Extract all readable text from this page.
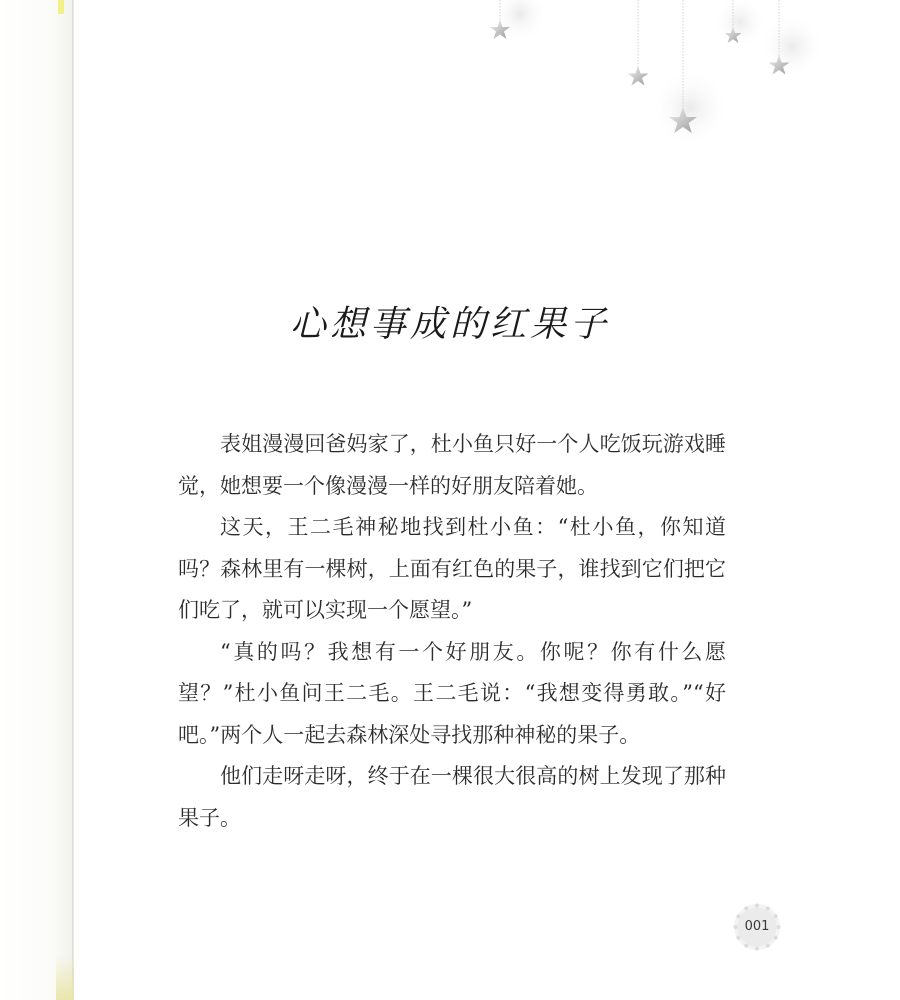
心想事成的红果子

表姐漫漫回爸妈家了，杜小鱼只好一个人吃饭玩游戏睡觉，她想要一个像漫漫一样的好朋友陪着她。

这天，王二毛神秘地找到杜小鱼：“杜小鱼，你知道吗？森林里有一棵树，上面有红色的果子，谁找到它们把它们吃了，就可以实现一个愿望。”

“真的吗？我想有一个好朋友。你呢？你有什么愿望？”杜小鱼问王二毛。王二毛说：“我想变得勇敢。”“好吧。”两个人一起去森林深处寻找那种神秘的果子。

他们走呀走呀，终于在一棵很大很高的树上发现了那种果子。

001
